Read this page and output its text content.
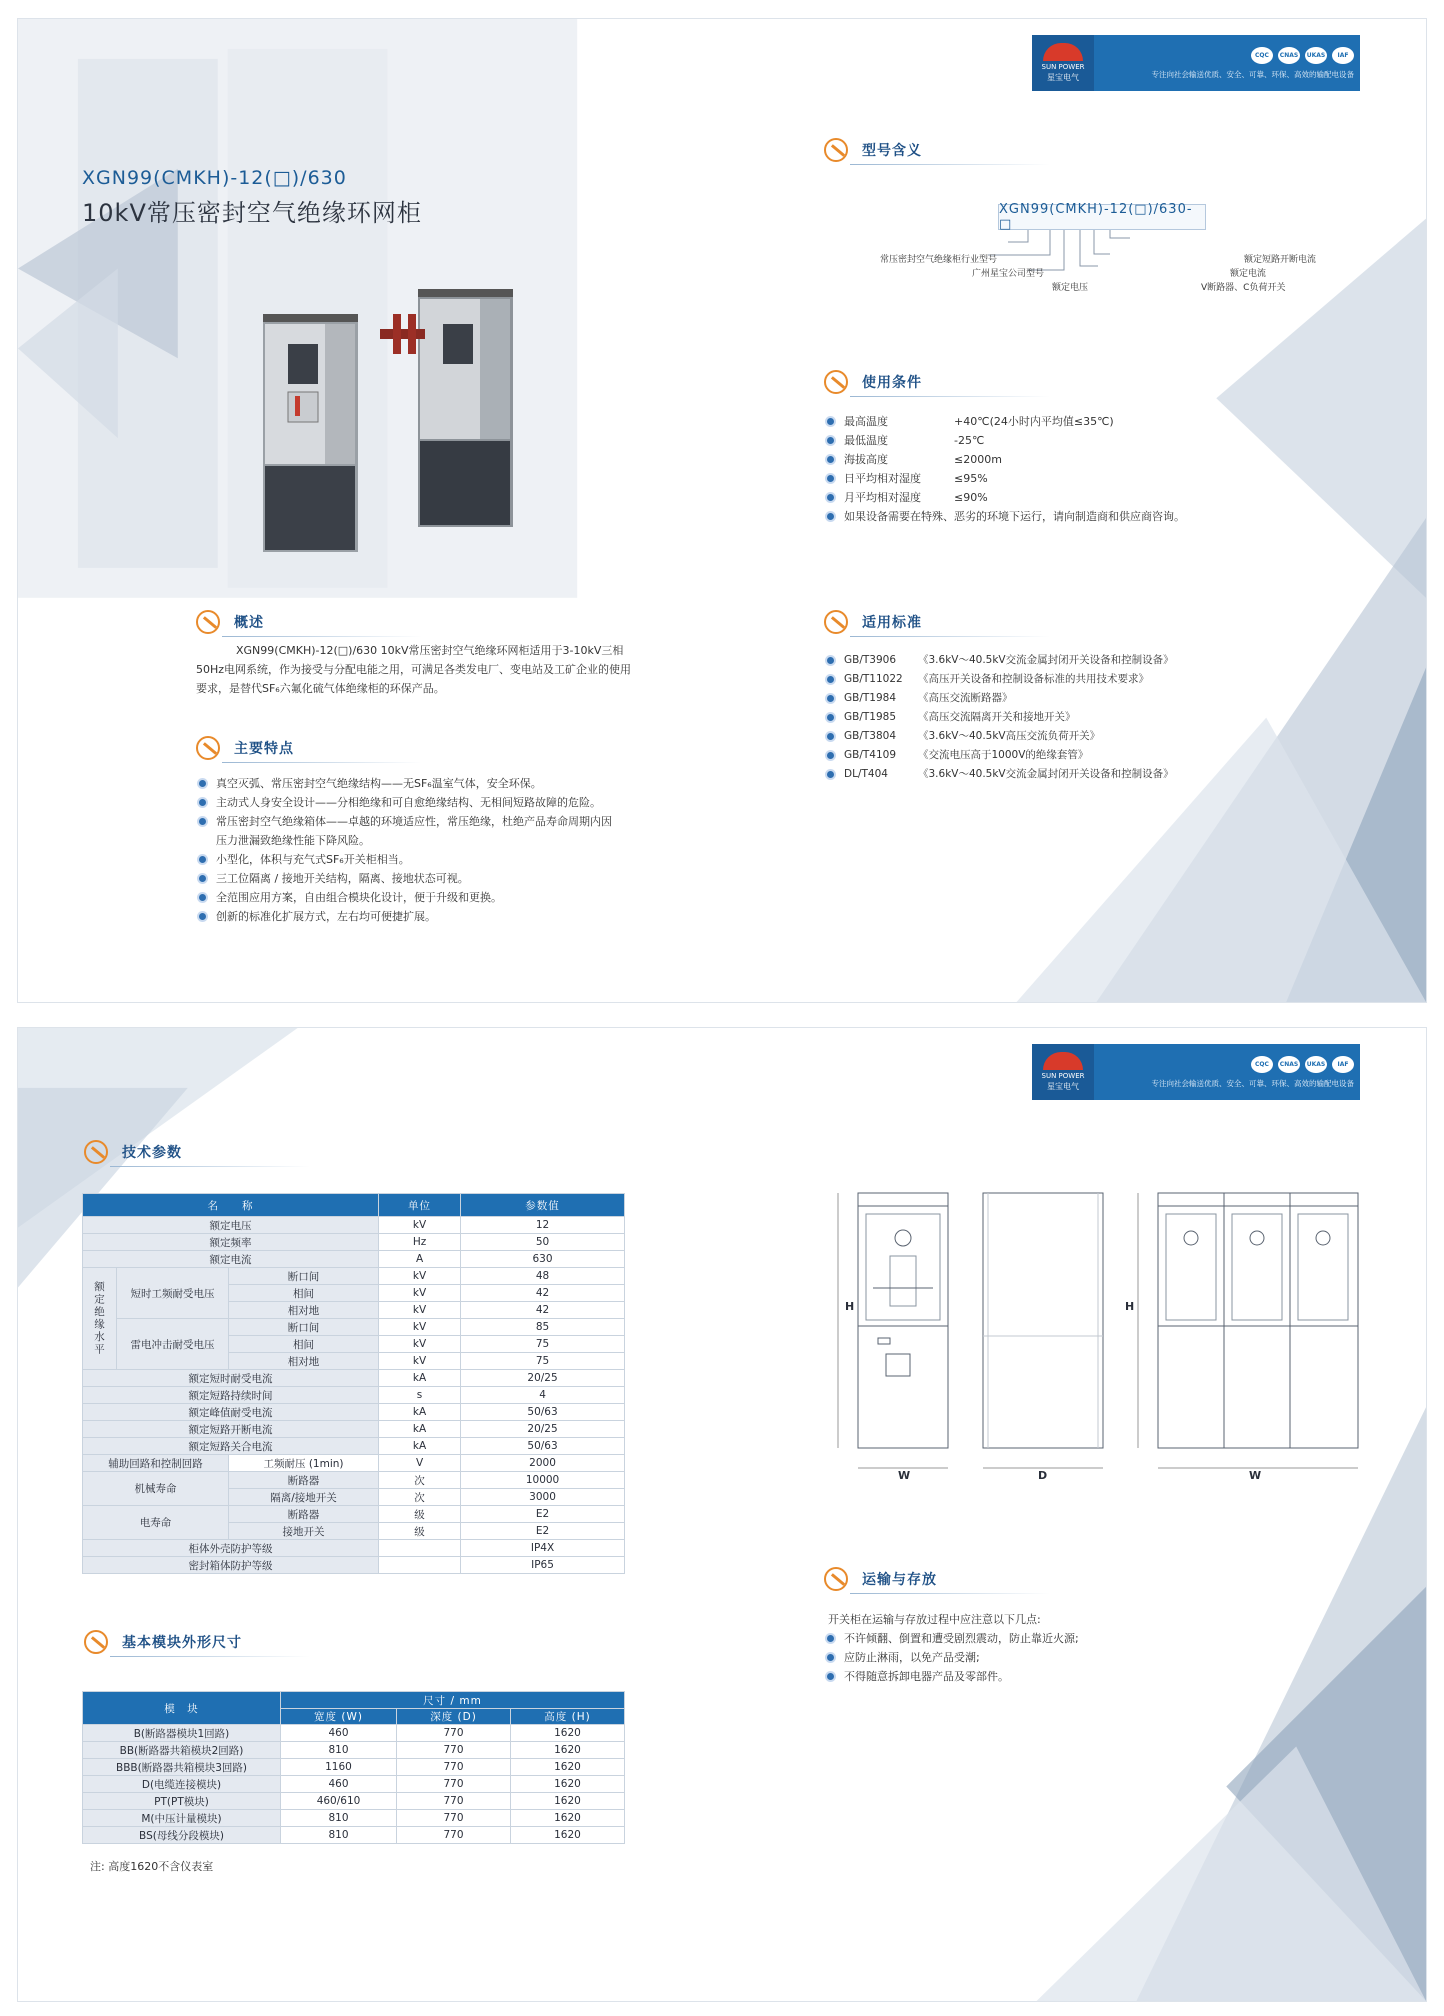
SUN POWER
星宝电气
CQC	CNAS	UKAS	IAF
专注向社会输送优质、安全、可靠、环保、高效的输配电设备
XGN99(CMKH)-12(□)/630
10kV常压密封空气绝缘环网柜
概述

XGN99(CMKH)-12(□)/630 10kV常压密封空气绝缘环网柜适用于3-10kV三相50Hz电网系统，作为接受与分配电能之用，可满足各类发电厂、变电站及工矿企业的使用要求，是替代SF₆六氟化硫气体绝缘柜的环保产品。

主要特点
真空灭弧、常压密封空气绝缘结构——无SF₆温室气体，安全环保。
主动式人身安全设计——分相绝缘和可自愈绝缘结构、无相间短路故障的危险。
常压密封空气绝缘箱体——卓越的环境适应性，常压绝缘，杜绝产品寿命周期内因压力泄漏致绝缘性能下降风险。
小型化，体积与充气式SF₆开关柜相当。
三工位隔离 / 接地开关结构，隔离、接地状态可视。
全范围应用方案，自由组合模块化设计，便于升级和更换。
创新的标准化扩展方式，左右均可便捷扩展。
型号含义
XGN99(CMKH)-12(□)/630-□
常压密封空气绝缘柜行业型号
广州星宝公司型号
额定电压
额定短路开断电流
额定电流
V断路器、C负荷开关
使用条件
最高温度	+40℃(24小时内平均值≤35℃)
最低温度	-25℃
海拔高度	≤2000m
日平均相对湿度	≤95%
月平均相对湿度	≤90%
如果设备需要在特殊、恶劣的环境下运行，请向制造商和供应商咨询。
适用标准
GB/T3906	《3.6kV～40.5kV交流金属封闭开关设备和控制设备》
GB/T11022	《高压开关设备和控制设备标准的共用技术要求》
GB/T1984	《高压交流断路器》
GB/T1985	《高压交流隔离开关和接地开关》
GB/T3804	《3.6kV～40.5kV高压交流负荷开关》
GB/T4109	《交流电压高于1000V的绝缘套管》
DL/T404	《3.6kV～40.5kV交流金属封闭开关设备和控制设备》
SUN POWER
星宝电气
CQC	CNAS	UKAS	IAF
专注向社会输送优质、安全、可靠、环保、高效的输配电设备
技术参数
名　　称			单位	参数值
额定电压			kV	12
额定频率			Hz	50
额定电流			A	630
额定绝缘水平	短时工频耐受电压	断口间	kV	48
		相间	kV	42
		相对地	kV	42
	雷电冲击耐受电压	断口间	kV	85
		相间	kV	75
		相对地	kV	75
额定短时耐受电流			kA	20/25
额定短路持续时间			s	4
额定峰值耐受电流			kA	50/63
额定短路开断电流			kA	20/25
额定短路关合电流			kA	50/63
辅助回路和控制回路		工频耐压 (1min)	V	2000
机械寿命		断路器	次	10000
		隔离/接地开关	次	3000
电寿命		断路器	级	E2
		接地开关	级	E2
柜体外壳防护等级				IP4X
密封箱体防护等级				IP65
基本模块外形尺寸
模　块	尺寸 / mm		
	宽度 (W)	深度 (D)	高度 (H)
B(断路器模块1回路)	460	770	1620
BB(断路器共箱模块2回路)	810	770	1620
BBB(断路器共箱模块3回路)	1160	770	1620
D(电缆连接模块)	460	770	1620
PT(PT模块)	460/610	770	1620
M(中压计量模块)	810	770	1620
BS(母线分段模块)	810	770	1620
注: 高度1620不含仪表室
H
W	D
H
W
运输与存放
开关柜在运输与存放过程中应注意以下几点:
不许倾翻、倒置和遭受剧烈震动，防止靠近火源;
应防止淋雨，以免产品受潮;
不得随意拆卸电器产品及零部件。
